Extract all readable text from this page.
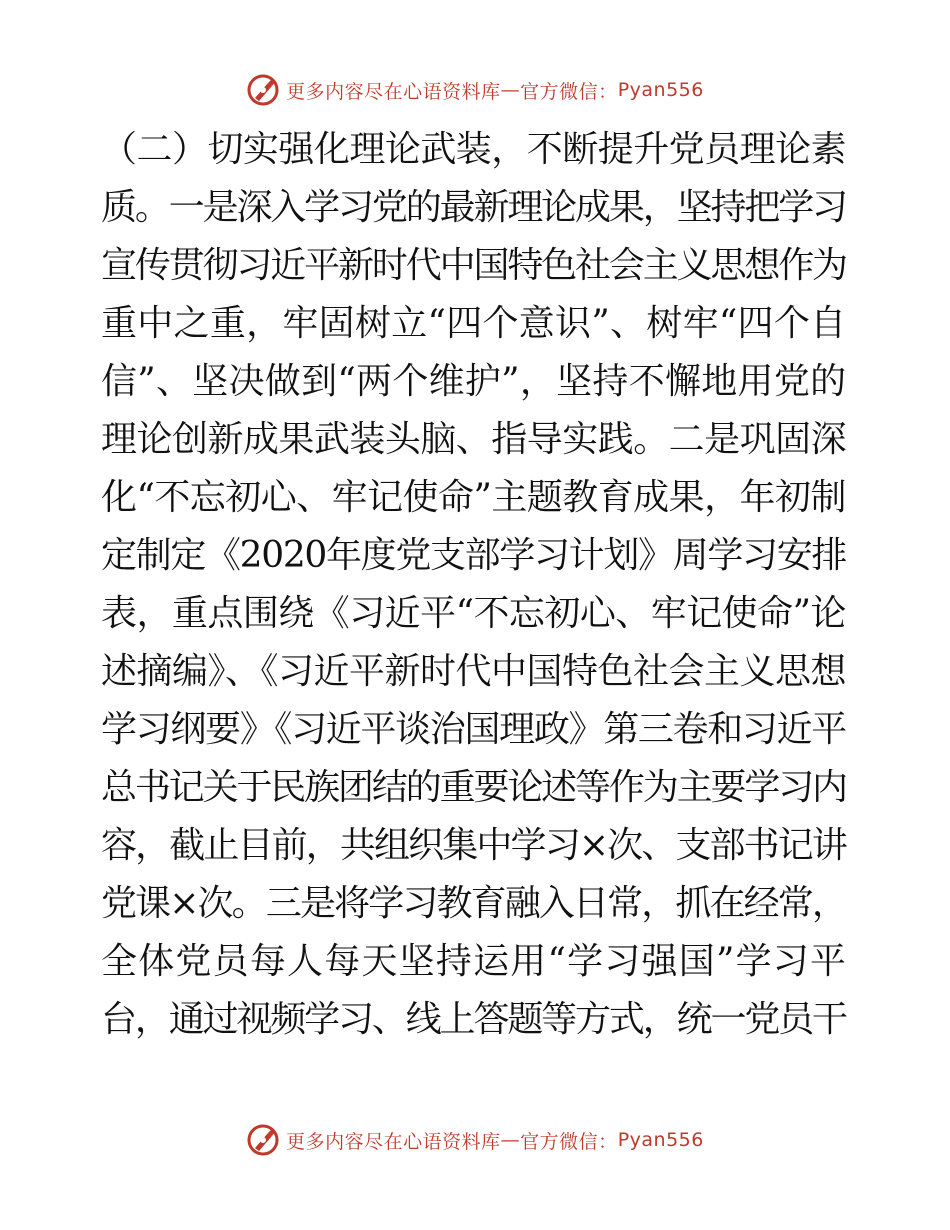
更多内容尽在心语资料库 — 官方微信： Pyan556
（二）切实强化理论武装，不断提升党员理论素
质。一是深入学习党的最新理论成果，坚持把学习
宣传贯彻习近平新时代中国特色社会主义思想作为
重中之重，牢固树立“四个意识”、树牢“四个自
信”、坚决做到“两个维护”，坚持不懈地用党的
理论创新成果武装头脑、指导实践。二是巩固深
化“不忘初心、牢记使命”主题教育成果，年初制
定制定《2020年度党支部学习计划》周学习安排
表，重点围绕《习近平“不忘初心、牢记使命”论
述摘编》、《习近平新时代中国特色社会主义思想
学习纲要》《习近平谈治国理政》第三卷和习近平
总书记关于民族团结的重要论述等作为主要学习内
容，截止目前，共组织集中学习×次、支部书记讲
党课×次。三是将学习教育融入日常，抓在经常，
全体党员每人每天坚持运用“学习强国”学习平
台，通过视频学习、线上答题等方式，统一党员干
更多内容尽在心语资料库 — 官方微信： Pyan556
